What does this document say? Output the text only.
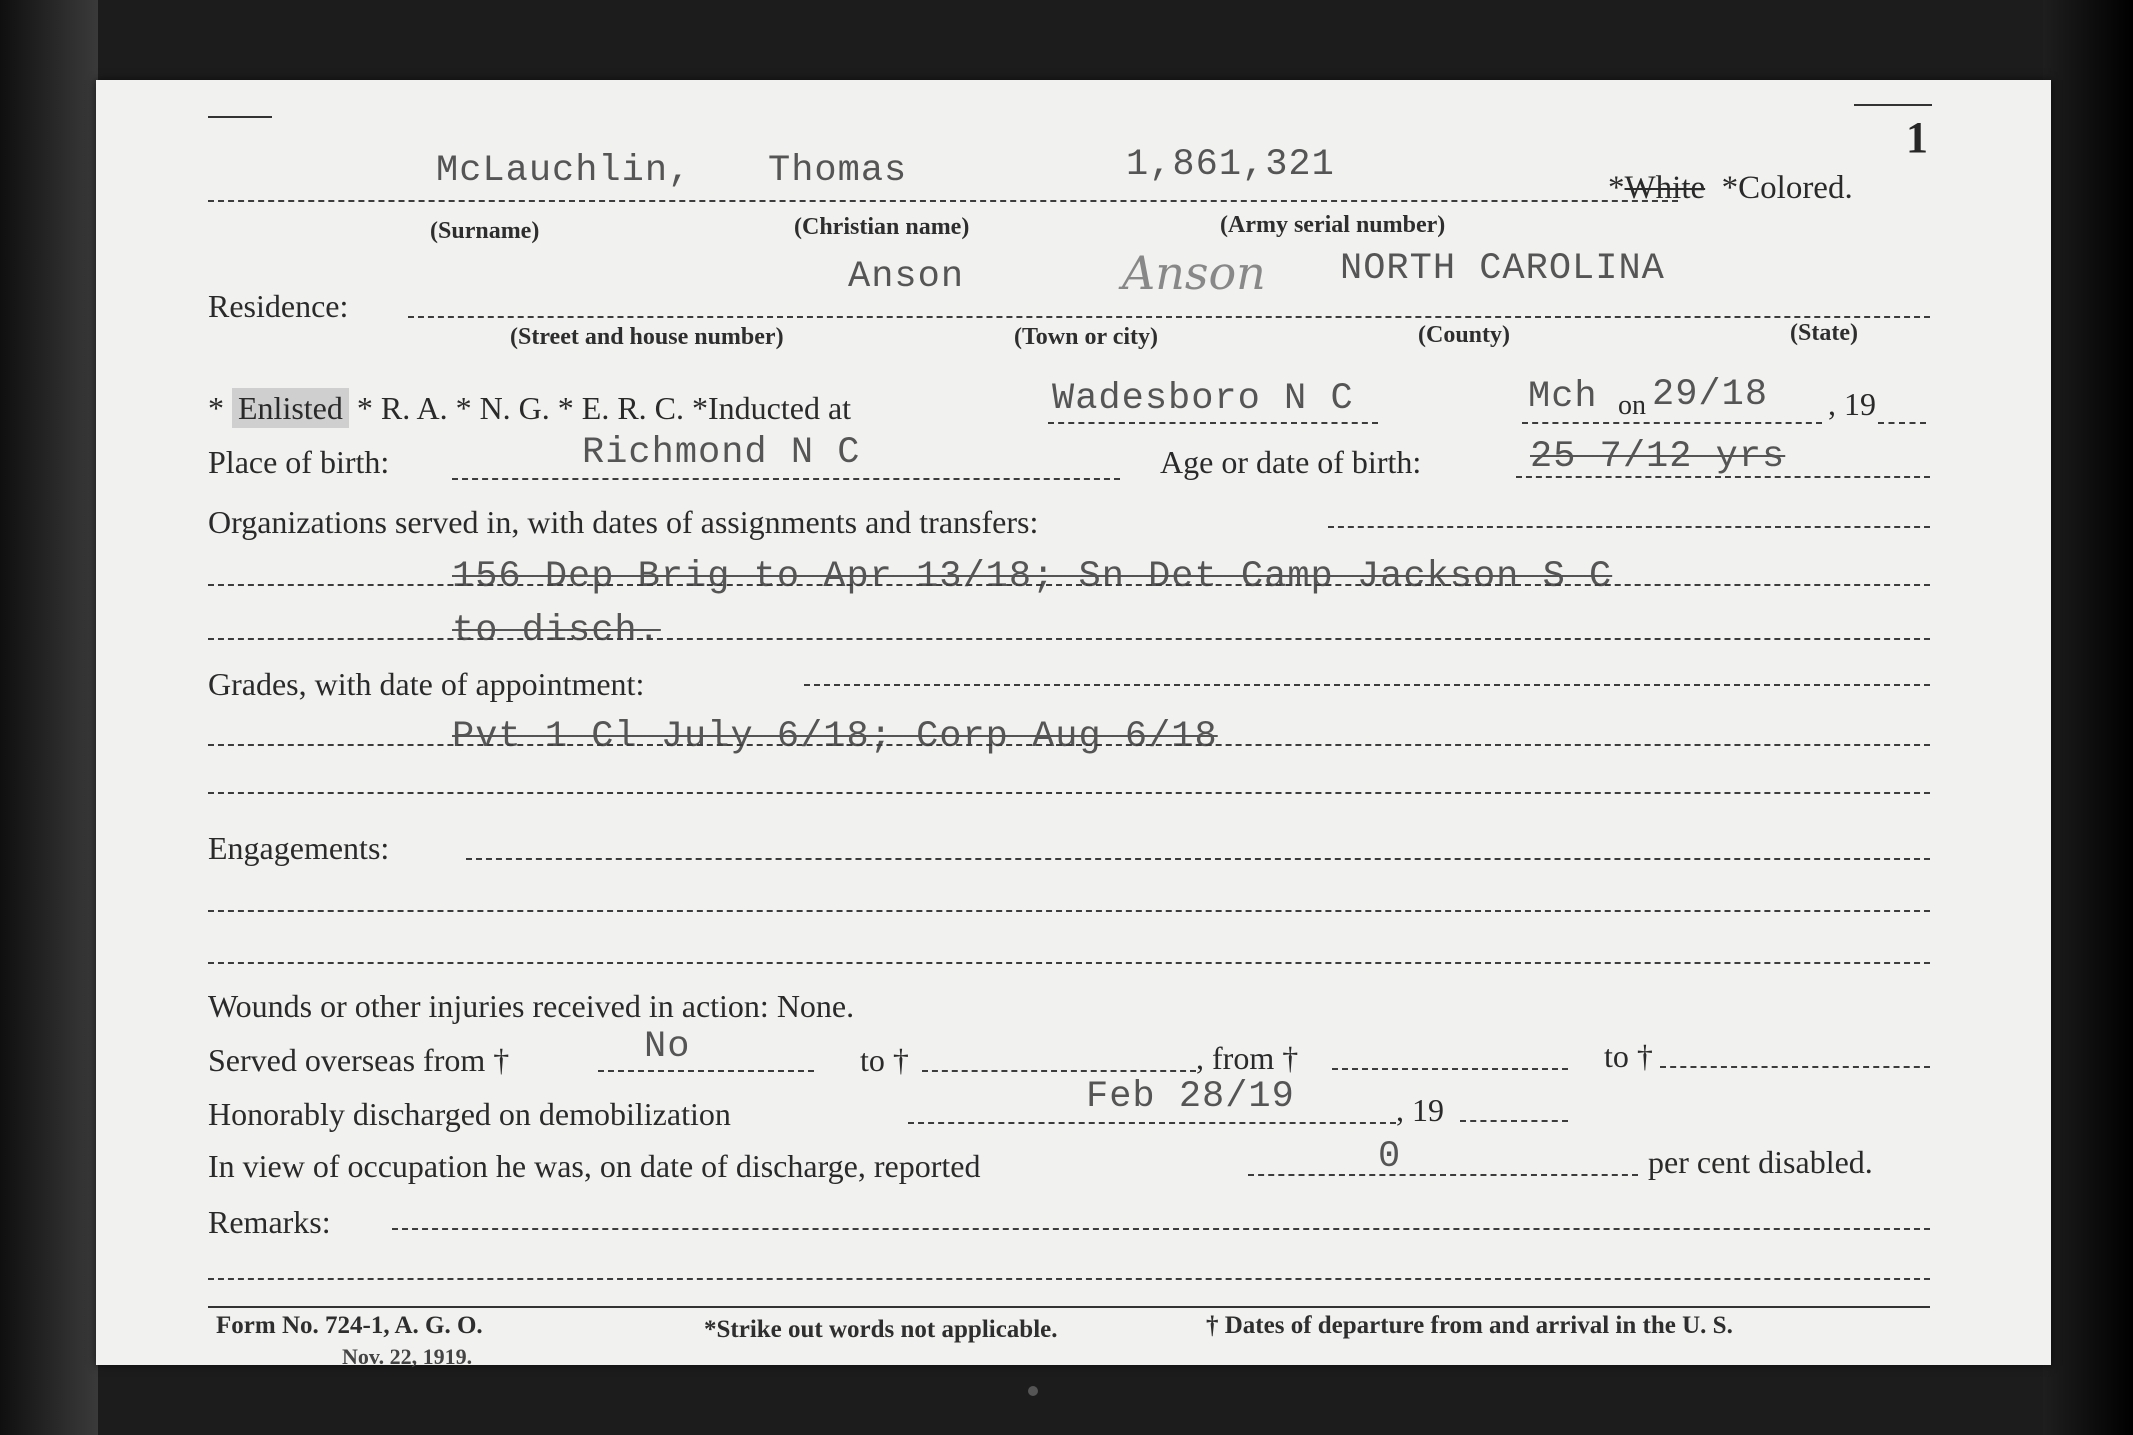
1
McLauchlin, Thomas	1,861,321
*White *Colored.
(Surname)	(Christian name)	(Army serial number)
Residence:
Anson	Anson NORTH CAROLINA
(Street and house number)	(Town or city)	(County)	(State)
* Enlisted * R. A. * N. G. * E. R. C. *Inducted at	Wadesboro N C	Mch on 29/18 , 19
Place of birth:	Richmond N C	Age or date of birth:	25 7/12 yrs
Organizations served in, with dates of assignments and transfers:
156 Dep Brig to Apr 13/18; Sn Det Camp Jackson S C
to disch.
Grades, with date of appointment:
Pvt 1 Cl July 6/18; Corp Aug 6/18
Engagements:
Wounds or other injuries received in action: None.
Served overseas from †	No	to †	, from †	to †
Honorably discharged on demobilization	Feb 28/19	, 19
In view of occupation he was, on date of discharge, reported	0	per cent disabled.
Remarks:
Form No. 724-1, A. G. O.
Nov. 22, 1919.
*Strike out words not applicable.	† Dates of departure from and arrival in the U. S.
